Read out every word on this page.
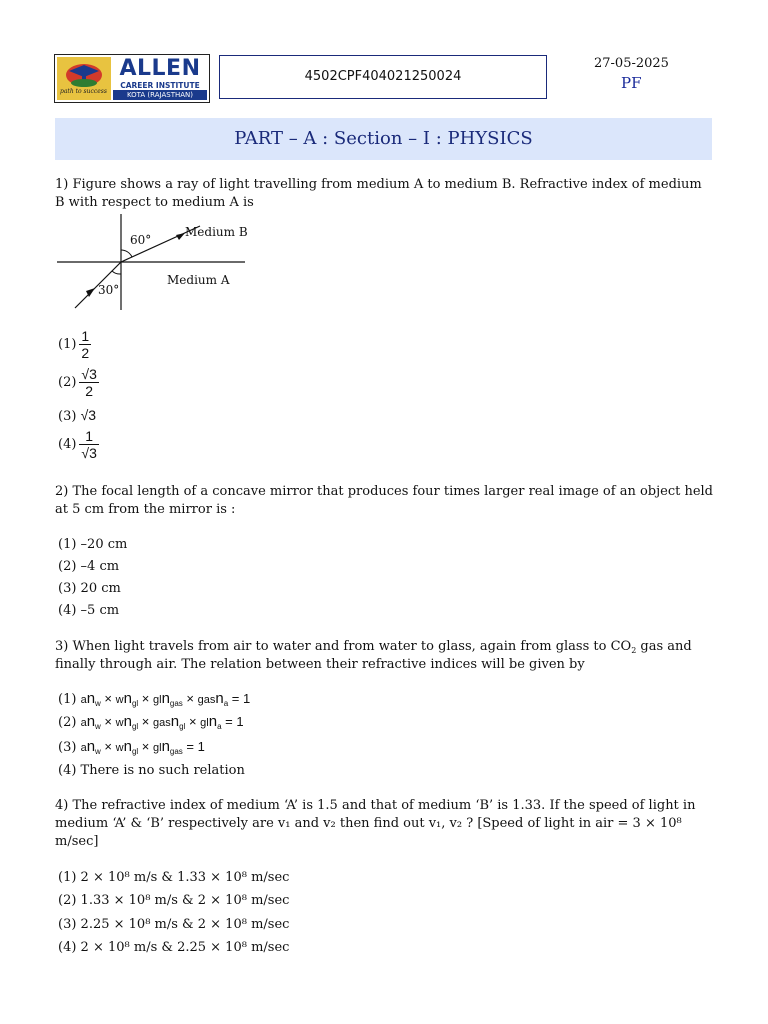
path to success
ALLEN
CAREER INSTITUTE
KOTA (RAJASTHAN)
4502CPF404021250024
27-05-2025
PF
PART – A : Section – I : PHYSICS
1) Figure shows a ray of light travelling from medium A to medium B. Refractive index of medium B with respect to medium A is
60°
30°
Medium B
Medium A
$(1) \frac{1}{2}$
$(2) \frac{√3}{2}$
(3) √3
$(4) \frac{1}{√3}$
2) The focal length of a concave mirror that produces four times larger real image of an object held at 5 cm from the mirror is :
(1) –20 cm
(2) –4 cm
(3) 20 cm
(4) –5 cm
3) When light travels from air to water and from water to glass, again from glass to $CO_2$ gas and finally through air. The relation between their refractive indices will be given by
(1) $an_w \times wn_{gl} \times gln_{gas}$ × gasn$_a$ = 1
(2) $an_w \times wn_{gl}$ × gasn$_{gl}$ × gln$_a$ = 1
(3) $an_w \times wn_{gl} \times gln_{gas} = 1$
(4) There is no such relation
4) The refractive index of medium ‘A’ is 1.5 and that of medium ‘B’ is 1.33. If the speed of light in medium ‘A’ & ‘B’ respectively are v₁ and v₂ then find out v₁, v₂ ? [Speed of light in air = 3 × 10⁸ m/sec]
(1) 2 × 10⁸ m/s & 1.33 × 10⁸ m/sec
(2) 1.33 × 10⁸ m/s & 2 × 10⁸ m/sec
(3) 2.25 × 10⁸ m/s & 2 × 10⁸ m/sec
(4) 2 × 10⁸ m/s & 2.25 × 10⁸ m/sec
